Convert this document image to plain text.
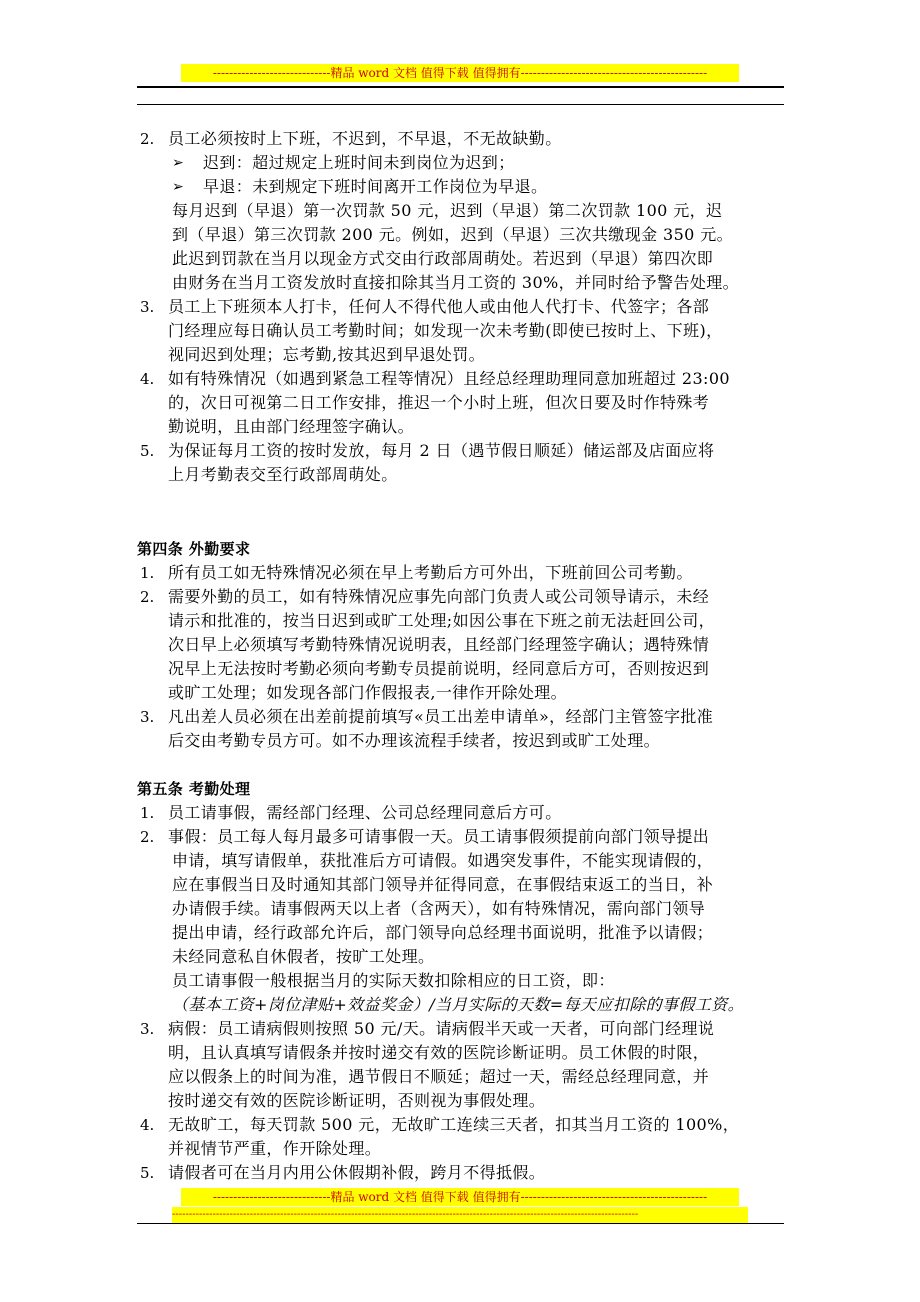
-----------------------------精品 word 文档 值得下载 值得拥有----------------------------------------------
2. 员工必须按时上下班，不迟到，不早退，不无故缺勤。
➢ 迟到：超过规定上班时间未到岗位为迟到；
➢ 早退：未到规定下班时间离开工作岗位为早退。
每月迟到（早退）第一次罚款 50 元，迟到（早退）第二次罚款 100 元，迟
到（早退）第三次罚款 200 元。例如，迟到（早退）三次共缴现金 350 元。
此迟到罚款在当月以现金方式交由行政部周萌处。若迟到（早退）第四次即
由财务在当月工资发放时直接扣除其当月工资的 30%，并同时给予警告处理。
3. 员工上下班须本人打卡，任何人不得代他人或由他人代打卡、代签字；各部
门经理应每日确认员工考勤时间；如发现一次未考勤(即使已按时上、下班)，
视同迟到处理；忘考勤,按其迟到早退处罚。
4. 如有特殊情况（如遇到紧急工程等情况）且经总经理助理同意加班超过 23:00
的，次日可视第二日工作安排，推迟一个小时上班，但次日要及时作特殊考
勤说明，且由部门经理签字确认。
5. 为保证每月工资的按时发放，每月 2 日（遇节假日顺延）储运部及店面应将
上月考勤表交至行政部周萌处。
第四条 外勤要求
1. 所有员工如无特殊情况必须在早上考勤后方可外出，下班前回公司考勤。
2. 需要外勤的员工，如有特殊情况应事先向部门负责人或公司领导请示，未经
请示和批准的，按当日迟到或旷工处理;如因公事在下班之前无法赶回公司，
次日早上必须填写考勤特殊情况说明表，且经部门经理签字确认；遇特殊情
况早上无法按时考勤必须向考勤专员提前说明，经同意后方可，否则按迟到
或旷工处理；如发现各部门作假报表,一律作开除处理。
3. 凡出差人员必须在出差前提前填写«员工出差申请单»，经部门主管签字批准
后交由考勤专员方可。如不办理该流程手续者，按迟到或旷工处理。
第五条 考勤处理
1. 员工请事假，需经部门经理、公司总经理同意后方可。
2. 事假：员工每人每月最多可请事假一天。员工请事假须提前向部门领导提出
申请，填写请假单，获批准后方可请假。如遇突发事件，不能实现请假的，
应在事假当日及时通知其部门领导并征得同意，在事假结束返工的当日，补
办请假手续。请事假两天以上者（含两天），如有特殊情况，需向部门领导
提出申请，经行政部允许后，部门领导向总经理书面说明，批准予以请假；
未经同意私自休假者，按旷工处理。
员工请事假一般根据当月的实际天数扣除相应的日工资，即：
（基本工资+岗位津贴+效益奖金）/当月实际的天数=每天应扣除的事假工资。
3. 病假：员工请病假则按照 50 元/天。请病假半天或一天者，可向部门经理说
明，且认真填写请假条并按时递交有效的医院诊断证明。员工休假的时限，
应以假条上的时间为准，遇节假日不顺延；超过一天，需经总经理同意，并
按时递交有效的医院诊断证明，否则视为事假处理。
4. 无故旷工，每天罚款 500 元，无故旷工连续三天者，扣其当月工资的 100%，
并视情节严重，作开除处理。
5. 请假者可在当月内用公休假期补假，跨月不得抵假。
-----------------------------精品 word 文档 值得下载 值得拥有----------------------------------------------
------------------------------------------------------------------------------------------------------------------------------------------
